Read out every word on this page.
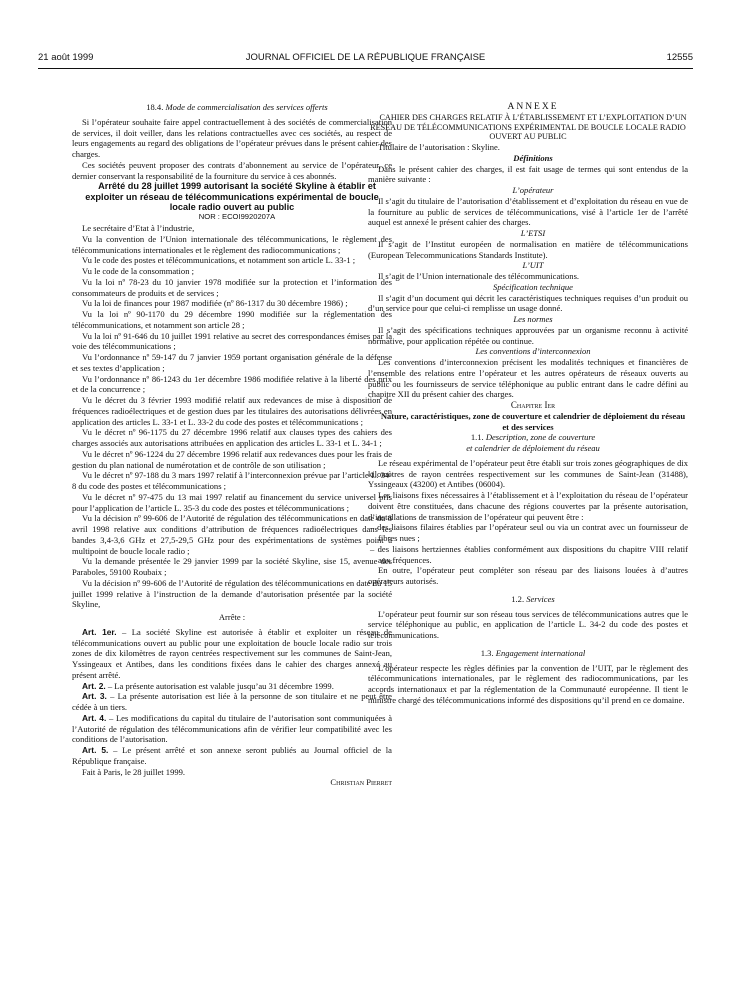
21 août 1999	JOURNAL OFFICIEL DE LA RÉPUBLIQUE FRANÇAISE	12555

18.4. Mode de commercialisation des services offerts

Si l’opérateur souhaite faire appel contractuellement à des sociétés de commercialisation de services, il doit veiller, dans les relations contractuelles avec ces sociétés, au respect de leurs engagements au regard des obligations de l’opérateur prévues dans le présent cahier des charges.

Ces sociétés peuvent proposer des contrats d’abonnement au service de l’opérateur, ce dernier conservant la responsabilité de la fourniture du service à ces abonnés.

Arrêté du 28 juillet 1999 autorisant la société Skyline à établir et exploiter un réseau de télécommunications expérimental de boucle locale radio ouvert au public

NOR : ECOI9920207A

Le secrétaire d’Etat à l’industrie,

Vu la convention de l’Union internationale des télécommunications, le règlement des télécommunications internationales et le règlement des radiocommunications ;

Vu le code des postes et télécommunications, et notamment son article L. 33-1 ;

Vu le code de la consommation ;

Vu la loi nº 78-23 du 10 janvier 1978 modifiée sur la protection et l’information des consommateurs de produits et de services ;

Vu la loi de finances pour 1987 modifiée (nº 86-1317 du 30 décembre 1986) ;

Vu la loi nº 90-1170 du 29 décembre 1990 modifiée sur la réglementation des télécommunications, et notamment son article 28 ;

Vu la loi nº 91-646 du 10 juillet 1991 relative au secret des correspondances émises par la voie des télécommunications ;

Vu l’ordonnance nº 59-147 du 7 janvier 1959 portant organisation générale de la défense et ses textes d’application ;

Vu l’ordonnance nº 86-1243 du 1er décembre 1986 modifiée relative à la liberté des prix et de la concurrence ;

Vu le décret du 3 février 1993 modifié relatif aux redevances de mise à disposition de fréquences radioélectriques et de gestion dues par les titulaires des autorisations délivrées en application des articles L. 33-1 et L. 33-2 du code des postes et télécommunications ;

Vu le décret nº 96-1175 du 27 décembre 1996 relatif aux clauses types des cahiers des charges associés aux autorisations attribuées en application des articles L. 33-1 et L. 34-1 ;

Vu le décret nº 96-1224 du 27 décembre 1996 relatif aux redevances dues pour les frais de gestion du plan national de numérotation et de contrôle de son utilisation ;

Vu le décret nº 97-188 du 3 mars 1997 relatif à l’interconnexion prévue par l’article L. 34-8 du code des postes et télécommunications ;

Vu le décret nº 97-475 du 13 mai 1997 relatif au financement du service universel pris pour l’application de l’article L. 35-3 du code des postes et télécommunications ;

Vu la décision nº 99-606 de l’Autorité de régulation des télécommunications en date du 8 avril 1998 relative aux conditions d’attribution de fréquences radioélectriques dans les bandes 3,4-3,6 GHz et 27,5-29,5 GHz pour des expérimentations de systèmes point à multipoint de boucle locale radio ;

Vu la demande présentée le 29 janvier 1999 par la société Skyline, sise 15, avenue des Paraboles, 59100 Roubaix ;

Vu la décision nº 99-606 de l’Autorité de régulation des télécommunications en date du 15 juillet 1999 relative à l’instruction de la demande d’autorisation présentée par la société Skyline,

Arrête :

Art. 1er. – La société Skyline est autorisée à établir et exploiter un réseau de télécommunications ouvert au public pour une exploitation de boucle locale radio sur trois zones de dix kilomètres de rayon centrées respectivement sur les communes de Saint-Jean, Yssingeaux et Antibes, dans les conditions fixées dans le cahier des charges annexé au présent arrêté.

Art. 2. – La présente autorisation est valable jusqu’au 31 décembre 1999.

Art. 3. – La présente autorisation est liée à la personne de son titulaire et ne peut être cédée à un tiers.

Art. 4. – Les modifications du capital du titulaire de l’autorisation sont communiquées à l’Autorité de régulation des télécommunications afin de vérifier leur compatibilité avec les conditions de l’autorisation.

Art. 5. – Le présent arrêté et son annexe seront publiés au Journal officiel de la République française.

Fait à Paris, le 28 juillet 1999.

Christian Pierret

ANNEXE

CAHIER DES CHARGES RELATIF À L’ÉTABLISSEMENT ET L’EXPLOITATION D’UN RÉSEAU DE TÉLÉCOMMUNICATIONS EXPÉRIMENTAL DE BOUCLE LOCALE RADIO OUVERT AU PUBLIC

Titulaire de l’autorisation : Skyline.

Définitions

Dans le présent cahier des charges, il est fait usage de termes qui sont entendus de la manière suivante :

L’opérateur

Il s’agit du titulaire de l’autorisation d’établissement et d’exploitation du réseau en vue de la fourniture au public de services de télécommunications, visé à l’article 1er de l’arrêté auquel est annexé le présent cahier des charges.

L’ETSI

Il s’agit de l’Institut européen de normalisation en matière de télécommunications (European Telecommunications Standards Institute).

L’UIT

Il s’agit de l’Union internationale des télécommunications.

Spécification technique

Il s’agit d’un document qui décrit les caractéristiques techniques requises d’un produit ou d’un service pour que celui-ci remplisse un usage donné.

Les normes

Il s’agit des spécifications techniques approuvées par un organisme reconnu à activité normative, pour application répétée ou continue.

Les conventions d’interconnexion

Les conventions d’interconnexion précisent les modalités techniques et financières de l’ensemble des relations entre l’opérateur et les autres opérateurs de réseaux ouverts au public ou les fournisseurs de service téléphonique au public entrant dans le cadre défini au chapitre XII du présent cahier des charges.

Chapitre Ier

Nature, caractéristiques, zone de couverture et calendrier de déploiement du réseau et des services

1.1. Description, zone de couverture

et calendrier de déploiement du réseau

Le réseau expérimental de l’opérateur peut être établi sur trois zones géographiques de dix kilomètres de rayon centrées respectivement sur les communes de Saint-Jean (31488), Yssingeaux (43200) et Antibes (06004).

Les liaisons fixes nécessaires à l’établissement et à l’exploitation du réseau de l’opérateur doivent être constituées, dans chacune des régions couvertes par la présente autorisation, d’installations de transmission de l’opérateur qui peuvent être :

– des liaisons filaires établies par l’opérateur seul ou via un contrat avec un fournisseur de fibres nues ;

– des liaisons hertziennes établies conformément aux dispositions du chapitre VIII relatif aux fréquences.

En outre, l’opérateur peut compléter son réseau par des liaisons louées à d’autres opérateurs autorisés.

1.2. Services

L’opérateur peut fournir sur son réseau tous services de télécommunications autres que le service téléphonique au public, en application de l’article L. 34-2 du code des postes et télécommunications.

1.3. Engagement international

L’opérateur respecte les règles définies par la convention de l’UIT, par le règlement des télécommunications internationales, par le règlement des radiocommunications, par les accords internationaux et par la réglementation de la Communauté européenne. Il tient le ministre chargé des télécommunications informé des dispositions qu’il prend en ce domaine.
